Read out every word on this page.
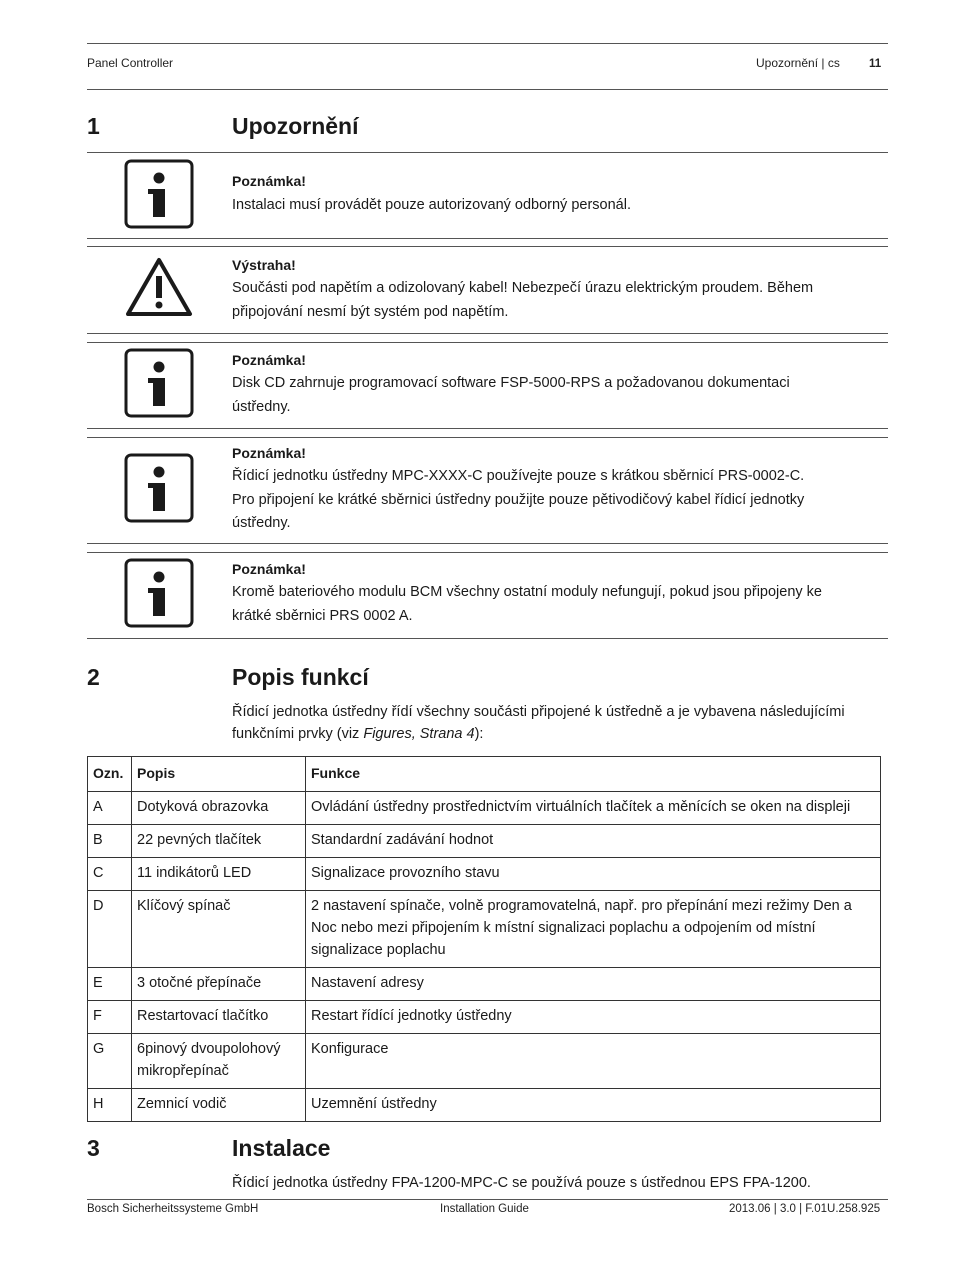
Panel Controller	Upozornění | cs	11
1	Upozornění
Poznámka!
Instalaci musí provádět pouze autorizovaný odborný personál.
Výstraha!
Součásti pod napětím a odizolovaný kabel! Nebezpečí úrazu elektrickým proudem. Během
připojování nesmí být systém pod napětím.
Poznámka!
Disk CD zahrnuje programovací software FSP-5000-RPS a požadovanou dokumentaci
ústředny.
Poznámka!
Řídicí jednotku ústředny MPC-XXXX-C používejte pouze s krátkou sběrnicí PRS-0002-C.
Pro připojení ke krátké sběrnici ústředny použijte pouze pětivodičový kabel řídicí jednotky
ústředny.
Poznámka!
Kromě bateriového modulu BCM všechny ostatní moduly nefungují, pokud jsou připojeny ke
krátké sběrnici PRS 0002 A.
2	Popis funkcí
Řídicí jednotka ústředny řídí všechny součásti připojené k ústředně a je vybavena následujícími funkčními prvky (viz Figures, Strana 4):
Ozn.	Popis	Funkce
A	Dotyková obrazovka	Ovládání ústředny prostřednictvím virtuálních tlačítek a měnících se oken na displeji
B	22 pevných tlačítek	Standardní zadávání hodnot
C	11 indikátorů LED	Signalizace provozního stavu
D	Klíčový spínač	2 nastavení spínače, volně programovatelná, např. pro přepínání mezi režimy Den a Noc nebo mezi připojením k místní signalizaci poplachu a odpojením od místní signalizace poplachu
E	3 otočné přepínače	Nastavení adresy
F	Restartovací tlačítko	Restart řídící jednotky ústředny
G	6pinový dvoupolohový mikropřepínač	Konfigurace
H	Zemnicí vodič	Uzemnění ústředny
3	Instalace
Řídicí jednotka ústředny FPA-1200-MPC-C se používá pouze s ústřednou EPS FPA-1200.
Bosch Sicherheitssysteme GmbH	Installation Guide	2013.06 | 3.0 | F.01U.258.925
